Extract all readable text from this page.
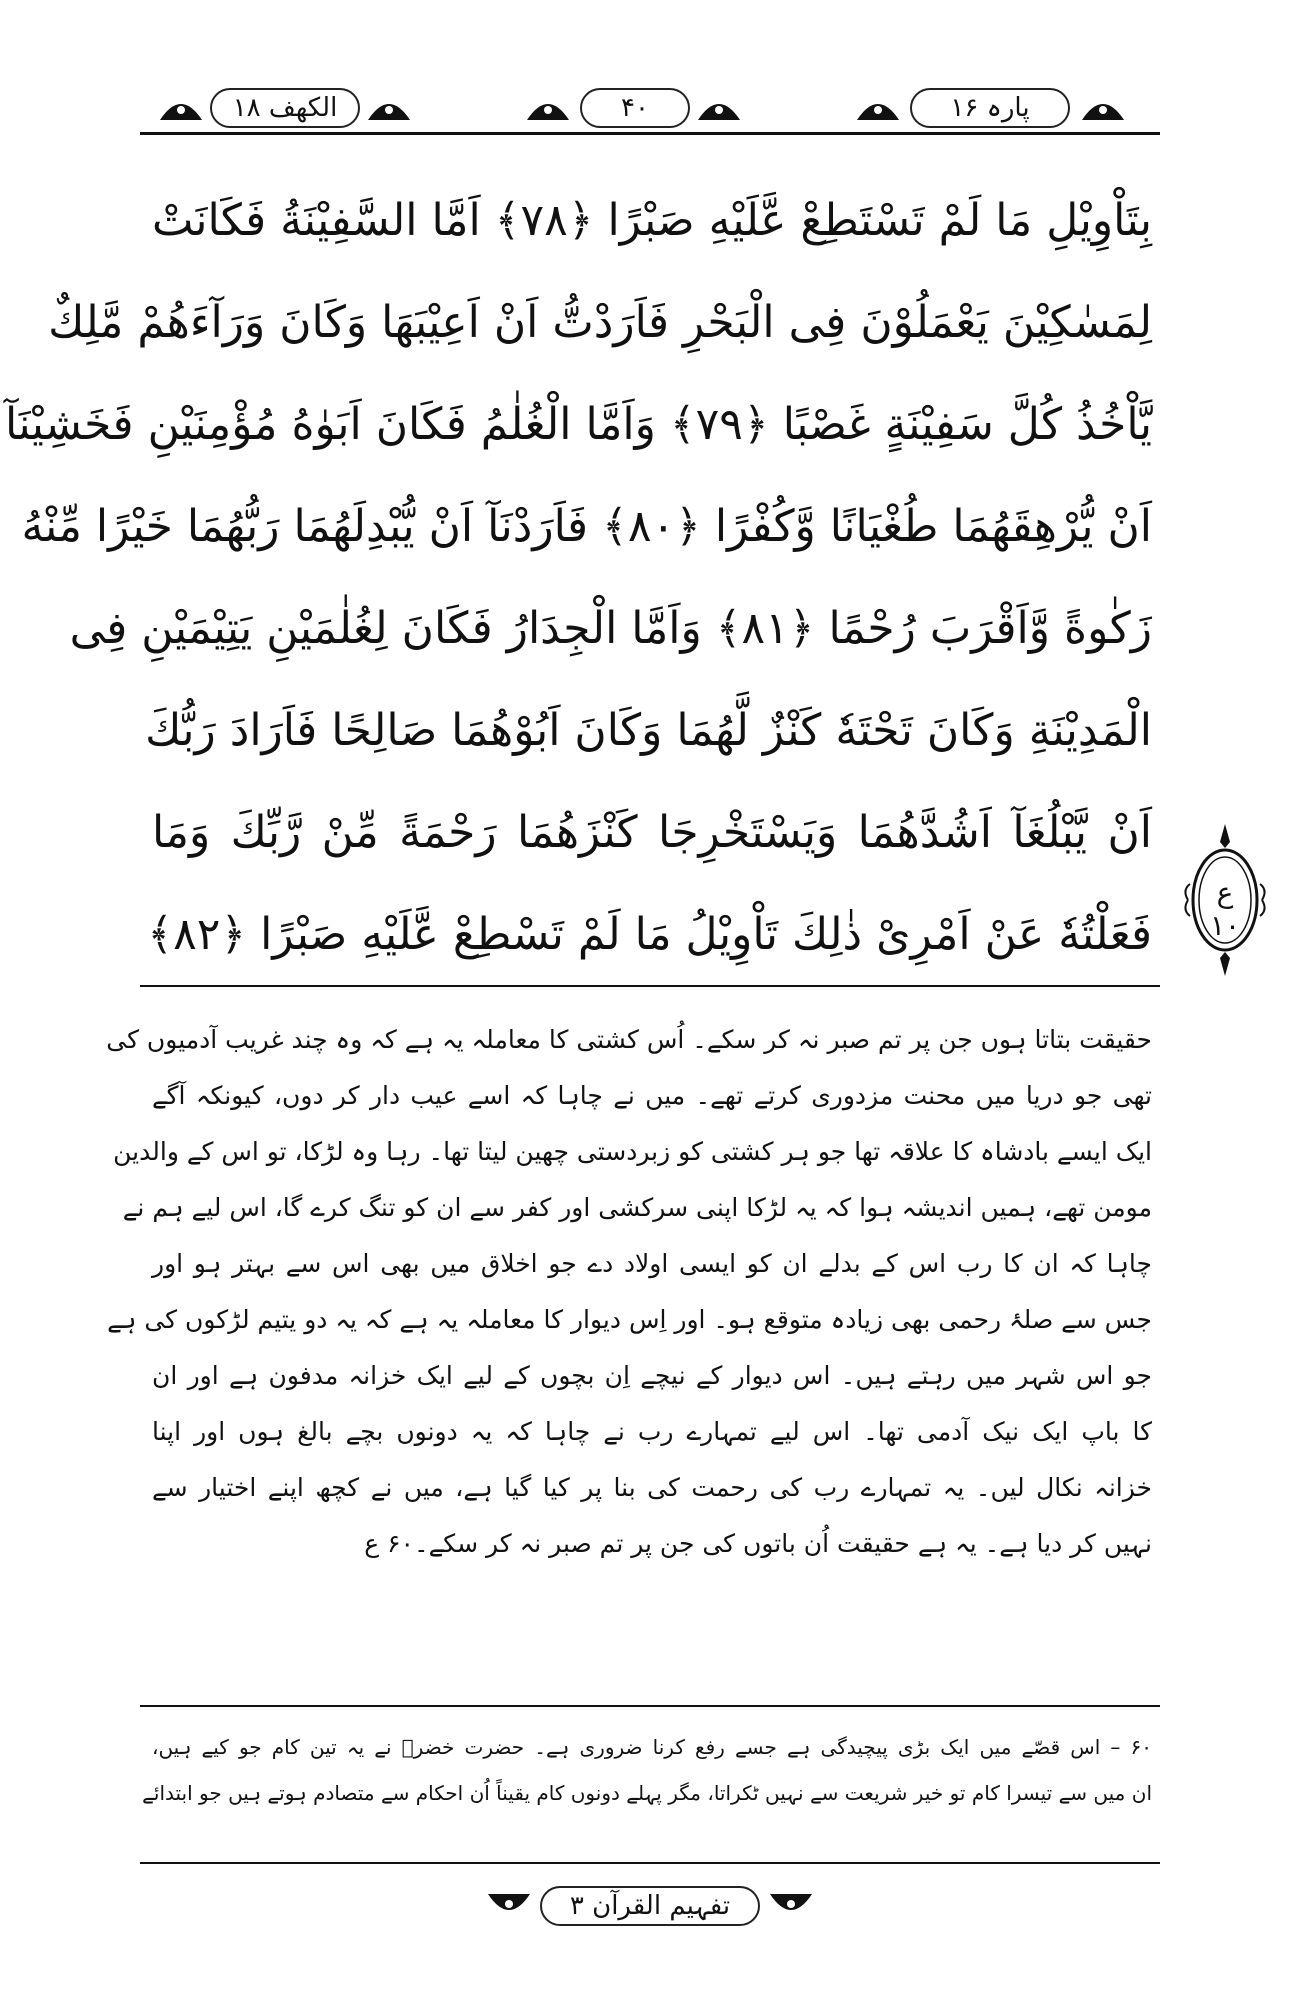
الکھف ۱۸	۴۰	پارہ ۱۶
بِتَاْوِيْلِ مَا لَمْ تَسْتَطِعْ عَّلَيْهِ صَبْرًا ﴿٧٨﴾ اَمَّا السَّفِيْنَةُ فَكَانَتْ
لِمَسٰكِيْنَ يَعْمَلُوْنَ فِى الْبَحْرِ فَاَرَدْتُّ اَنْ اَعِيْبَهَا وَكَانَ وَرَآءَهُمْ مَّلِكٌ
يَّاْخُذُ كُلَّ سَفِيْنَةٍ غَصْبًا ﴿٧٩﴾ وَاَمَّا الْغُلٰمُ فَكَانَ اَبَوٰهُ مُؤْمِنَيْنِ فَخَشِيْنَآ
اَنْ يُّرْهِقَهُمَا طُغْيَانًا وَّكُفْرًا ﴿٨٠﴾ فَاَرَدْنَآ اَنْ يُّبْدِلَهُمَا رَبُّهُمَا خَيْرًا مِّنْهُ
زَكٰوةً وَّاَقْرَبَ رُحْمًا ﴿٨١﴾ وَاَمَّا الْجِدَارُ فَكَانَ لِغُلٰمَيْنِ يَتِيْمَيْنِ فِى
الْمَدِيْنَةِ وَكَانَ تَحْتَهٗ كَنْزٌ لَّهُمَا وَكَانَ اَبُوْهُمَا صَالِحًا فَاَرَادَ رَبُّكَ
اَنْ يَّبْلُغَآ اَشُدَّهُمَا وَيَسْتَخْرِجَا كَنْزَهُمَا رَحْمَةً مِّنْ رَّبِّكَ وَمَا
فَعَلْتُهٗ عَنْ اَمْرِىْ ذٰلِكَ تَاْوِيْلُ مَا لَمْ تَسْطِعْ عَّلَيْهِ صَبْرًا ﴿٨٢﴾
ع ۱۰
حقیقت بتاتا ہوں جن پر تم صبر نہ کر سکے۔ اُس کشتی کا معاملہ یہ ہے کہ وہ چند غریب آدمیوں کی
تھی جو دریا میں محنت مزدوری کرتے تھے۔ میں نے چاہا کہ اسے عیب دار کر دوں، کیونکہ آگے
ایک ایسے بادشاہ کا علاقہ تھا جو ہر کشتی کو زبردستی چھین لیتا تھا۔ رہا وہ لڑکا، تو اس کے والدین
مومن تھے، ہمیں اندیشہ ہوا کہ یہ لڑکا اپنی سرکشی اور کفر سے ان کو تنگ کرے گا، اس لیے ہم نے
چاہا کہ ان کا رب اس کے بدلے ان کو ایسی اولاد دے جو اخلاق میں بھی اس سے بہتر ہو اور
جس سے صلۂ رحمی بھی زیادہ متوقع ہو۔ اور اِس دیوار کا معاملہ یہ ہے کہ یہ دو یتیم لڑکوں کی ہے
جو اس شہر میں رہتے ہیں۔ اس دیوار کے نیچے اِن بچوں کے لیے ایک خزانہ مدفون ہے اور ان
کا باپ ایک نیک آدمی تھا۔ اس لیے تمہارے رب نے چاہا کہ یہ دونوں بچے بالغ ہوں اور اپنا
خزانہ نکال لیں۔ یہ تمہارے رب کی رحمت کی بنا پر کیا گیا ہے، میں نے کچھ اپنے اختیار سے
نہیں کر دیا ہے۔ یہ ہے حقیقت اُن باتوں کی جن پر تم صبر نہ کر سکے۔۶۰ ع
۶۰ – اس قصّے میں ایک بڑی پیچیدگی ہے جسے رفع کرنا ضروری ہے۔ حضرت خضرؑ نے یہ تین کام جو کیے ہیں،
ان میں سے تیسرا کام تو خیر شریعت سے نہیں ٹکراتا، مگر پہلے دونوں کام یقیناً اُن احکام سے متصادم ہوتے ہیں جو ابتدائے
تفہیم القرآن ۳
